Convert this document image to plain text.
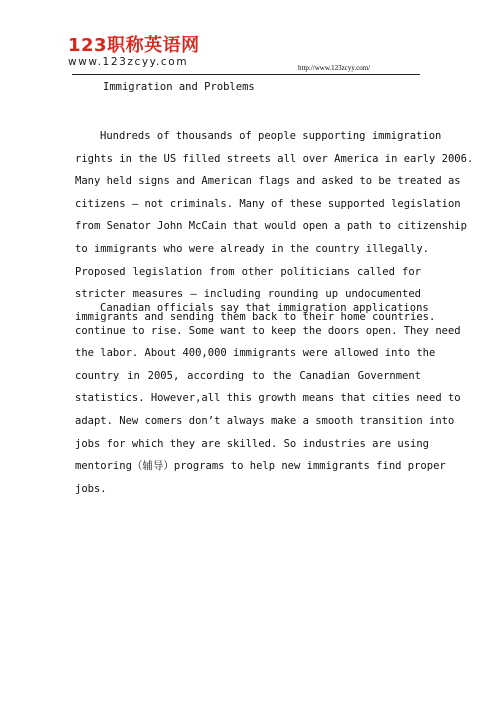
123职称英语网
www.123zcyy.com	http://www.123zcyy.com/
Immigration and Problems
Hundreds of thousands of people supporting immigration
rights in the US filled streets all over America in early 2006.
Many held signs and American flags and asked to be treated as
citizens — not criminals. Many of these supported legislation
from Senator John McCain that would open a path to citizenship
to immigrants who were already in the country illegally.
Proposed legislation from other politicians called for
stricter measures — including rounding up undocumented
immigrants and sending them back to their home countries.
Canadian officials say that immigration applications
continue to rise. Some want to keep the doors open. They need
the labor. About 400,000 immigrants were allowed into the
country in 2005, according to the Canadian Government
statistics. However,all this growth means that cities need to
adapt. New comers don’t always make a smooth transition into
jobs for which they are skilled. So industries are using
mentoring（辅导）programs to help new immigrants find proper
jobs.
